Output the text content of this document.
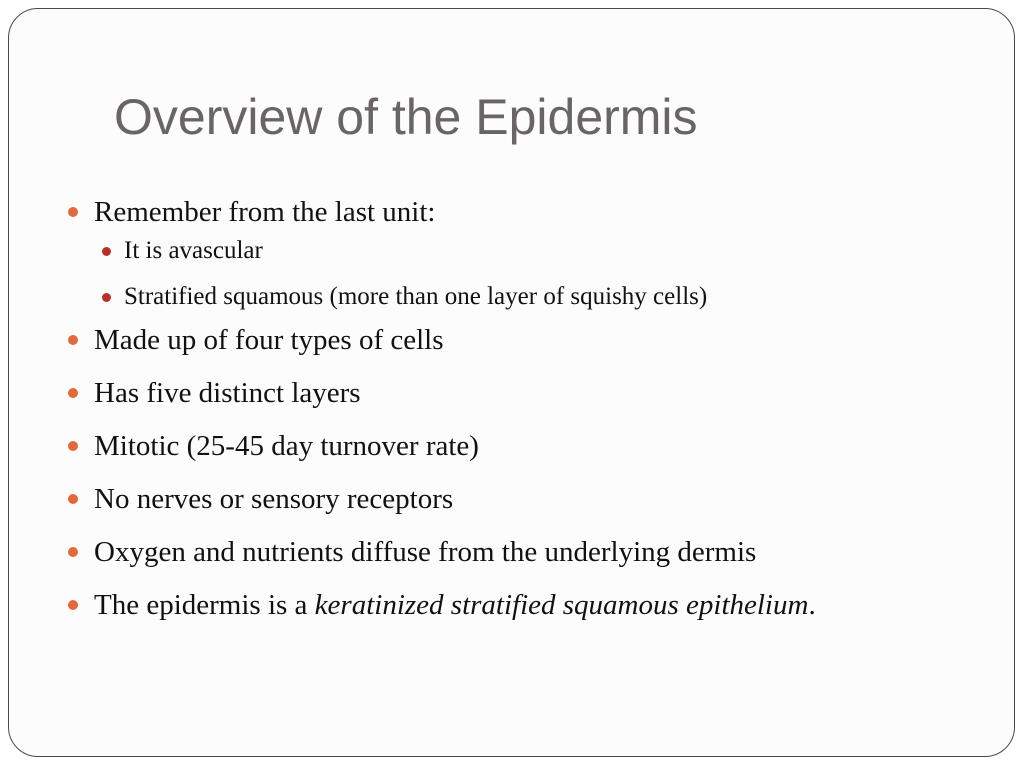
Overview of the Epidermis
Remember from the last unit:
It is avascular
Stratified squamous (more than one layer of squishy cells)
Made up of four types of cells
Has five distinct layers
Mitotic (25-45 day turnover rate)
No nerves or sensory receptors
Oxygen and nutrients diffuse from the underlying dermis
The epidermis is a keratinized stratified squamous epithelium.
